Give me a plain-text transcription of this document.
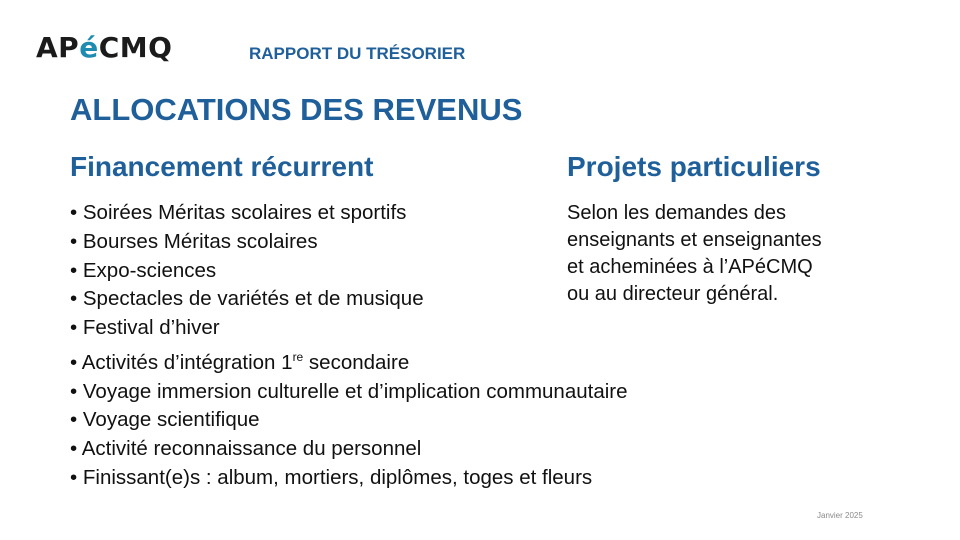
APéCMQ	RAPPORT DU TRÉSORIER
ALLOCATIONS DES REVENUS
Financement récurrent	Projets particuliers
• Soirées Méritas scolaires et sportifs
• Bourses Méritas scolaires
• Expo-sciences
• Spectacles de variétés et de musique
• Festival d’hiver
• Activités d’intégration 1re secondaire
• Voyage immersion culturelle et d’implication communautaire
• Voyage scientifique
• Activité reconnaissance du personnel
• Finissant(e)s : album, mortiers, diplômes, toges et fleurs
Selon les demandes des
enseignants et enseignantes
et acheminées à l’APéCMQ
ou au directeur général.
Janvier 2025
